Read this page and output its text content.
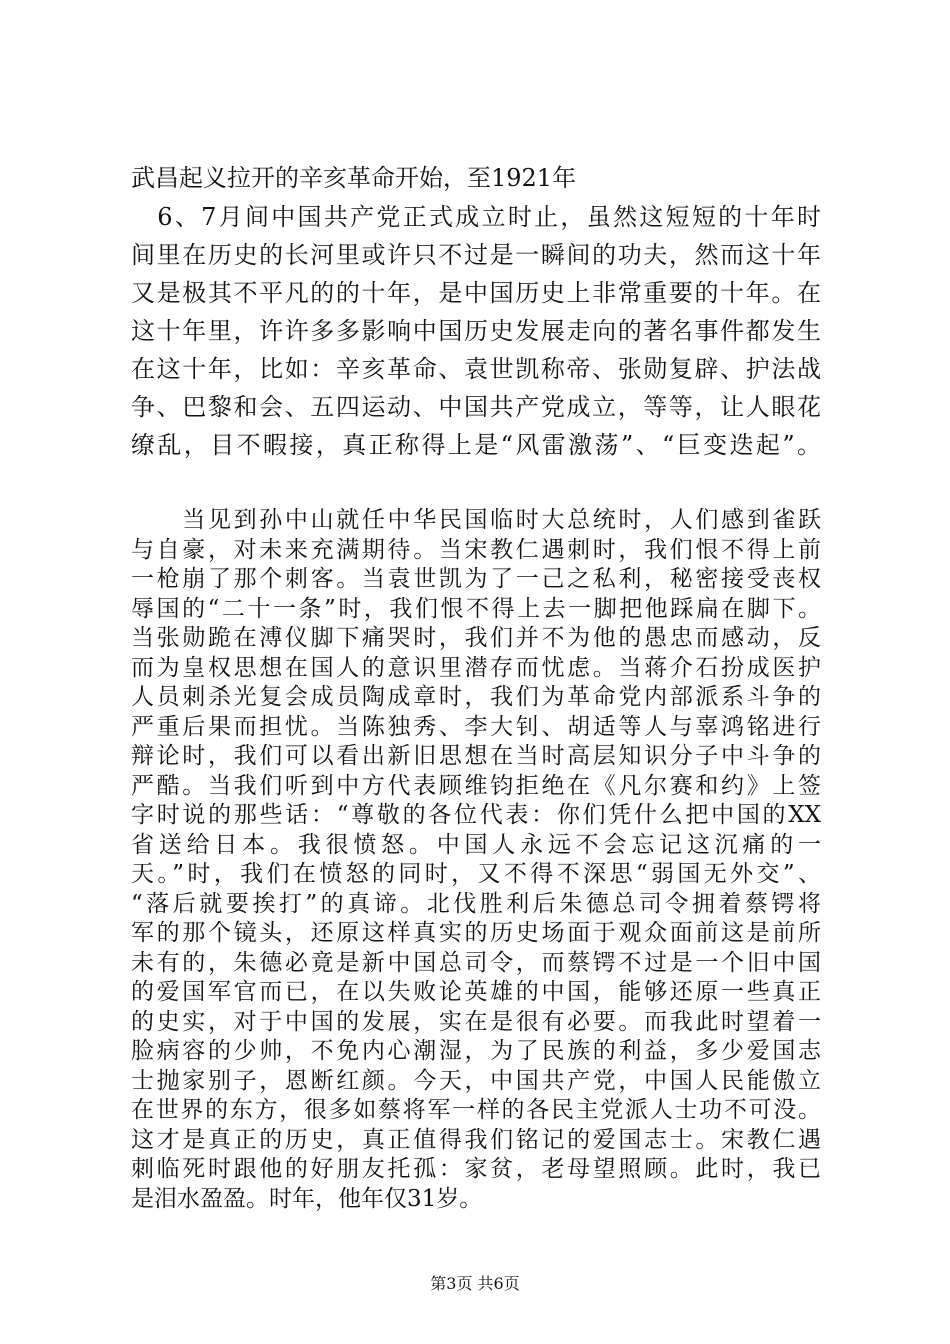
武昌起义拉开的辛亥革命开始，至1921年
　6、7月间中国共产党正式成立时止，虽然这短短的十年时
间里在历史的长河里或许只不过是一瞬间的功夫，然而这十年
又是极其不平凡的的十年，是中国历史上非常重要的十年。在
这十年里，许许多多影响中国历史发展走向的著名事件都发生
在这十年，比如：辛亥革命、袁世凯称帝、张勋复辟、护法战
争、巴黎和会、五四运动、中国共产党成立，等等，让人眼花
缭乱，目不暇接，真正称得上是“风雷激荡”、“巨变迭起”。
　　当见到孙中山就任中华民国临时大总统时，人们感到雀跃
与自豪，对未来充满期待。当宋教仁遇刺时，我们恨不得上前
一枪崩了那个刺客。当袁世凯为了一己之私利，秘密接受丧权
辱国的“二十一条”时，我们恨不得上去一脚把他踩扁在脚下。
当张勋跪在溥仪脚下痛哭时，我们并不为他的愚忠而感动，反
而为皇权思想在国人的意识里潜存而忧虑。当蒋介石扮成医护
人员刺杀光复会成员陶成章时，我们为革命党内部派系斗争的
严重后果而担忧。当陈独秀、李大钊、胡适等人与辜鸿铭进行
辩论时，我们可以看出新旧思想在当时高层知识分子中斗争的
严酷。当我们听到中方代表顾维钧拒绝在《凡尔赛和约》上签
字时说的那些话：“尊敬的各位代表：你们凭什么把中国的XX
省送给日本。我很愤怒。中国人永远不会忘记这沉痛的一
天。”时，我们在愤怒的同时，又不得不深思“弱国无外交”、
“落后就要挨打”的真谛。北伐胜利后朱德总司令拥着蔡锷将
军的那个镜头，还原这样真实的历史场面于观众面前这是前所
未有的，朱德必竟是新中国总司令，而蔡锷不过是一个旧中国
的爱国军官而已，在以失败论英雄的中国，能够还原一些真正
的史实，对于中国的发展，实在是很有必要。而我此时望着一
脸病容的少帅，不免内心潮湿，为了民族的利益，多少爱国志
士抛家别子，恩断红颜。今天，中国共产党，中国人民能傲立
在世界的东方，很多如蔡将军一样的各民主党派人士功不可没。
这才是真正的历史，真正值得我们铭记的爱国志士。宋教仁遇
刺临死时跟他的好朋友托孤：家贫，老母望照顾。此时，我已
是泪水盈盈。时年，他年仅31岁。
第3页 共6页
